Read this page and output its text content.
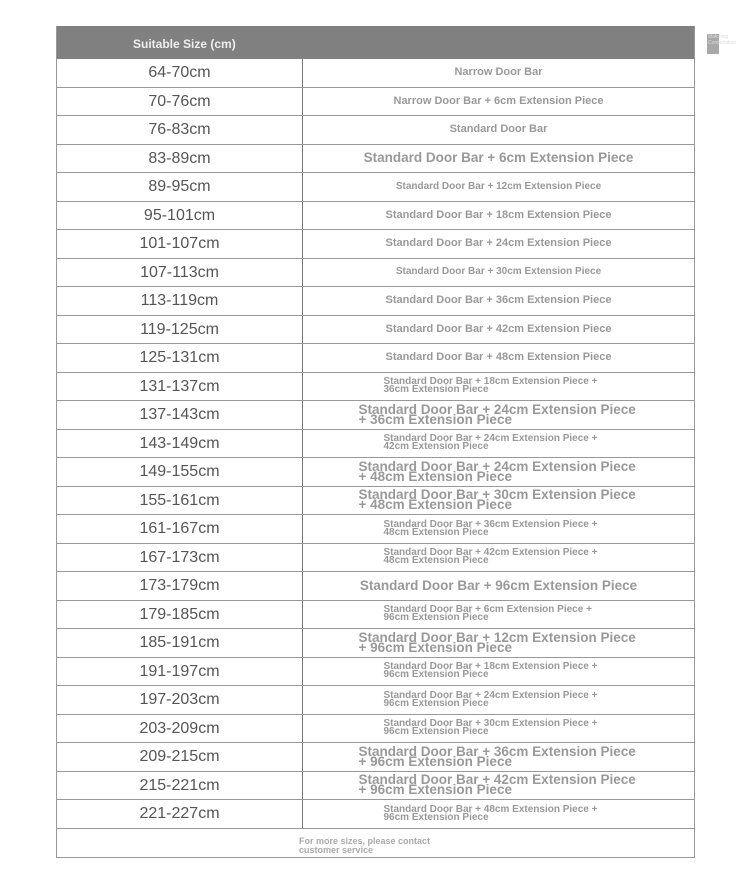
Suitable Size (cm)	Matching Combination
64-70cm	Narrow Door Bar
70-76cm	Narrow Door Bar + 6cm Extension Piece
76-83cm	Standard Door Bar
83-89cm	Standard Door Bar + 6cm Extension Piece
89-95cm	Standard Door Bar + 12cm Extension Piece
95-101cm	Standard Door Bar + 18cm Extension Piece
101-107cm	Standard Door Bar + 24cm Extension Piece
107-113cm	Standard Door Bar + 30cm Extension Piece
113-119cm	Standard Door Bar + 36cm Extension Piece
119-125cm	Standard Door Bar + 42cm Extension Piece
125-131cm	Standard Door Bar + 48cm Extension Piece
131-137cm	Standard Door Bar + 18cm Extension Piece + 36cm Extension Piece
137-143cm	Standard Door Bar + 24cm Extension Piece + 36cm Extension Piece
143-149cm	Standard Door Bar + 24cm Extension Piece + 42cm Extension Piece
149-155cm	Standard Door Bar + 24cm Extension Piece + 48cm Extension Piece
155-161cm	Standard Door Bar + 30cm Extension Piece + 48cm Extension Piece
161-167cm	Standard Door Bar + 36cm Extension Piece + 48cm Extension Piece
167-173cm	Standard Door Bar + 42cm Extension Piece + 48cm Extension Piece
173-179cm	Standard Door Bar + 96cm Extension Piece
179-185cm	Standard Door Bar + 6cm Extension Piece + 96cm Extension Piece
185-191cm	Standard Door Bar + 12cm Extension Piece + 96cm Extension Piece
191-197cm	Standard Door Bar + 18cm Extension Piece + 96cm Extension Piece
197-203cm	Standard Door Bar + 24cm Extension Piece + 96cm Extension Piece
203-209cm	Standard Door Bar + 30cm Extension Piece + 96cm Extension Piece
209-215cm	Standard Door Bar + 36cm Extension Piece + 96cm Extension Piece
215-221cm	Standard Door Bar + 42cm Extension Piece + 96cm Extension Piece
221-227cm	Standard Door Bar + 48cm Extension Piece + 96cm Extension Piece
For more sizes, please contact customer service
